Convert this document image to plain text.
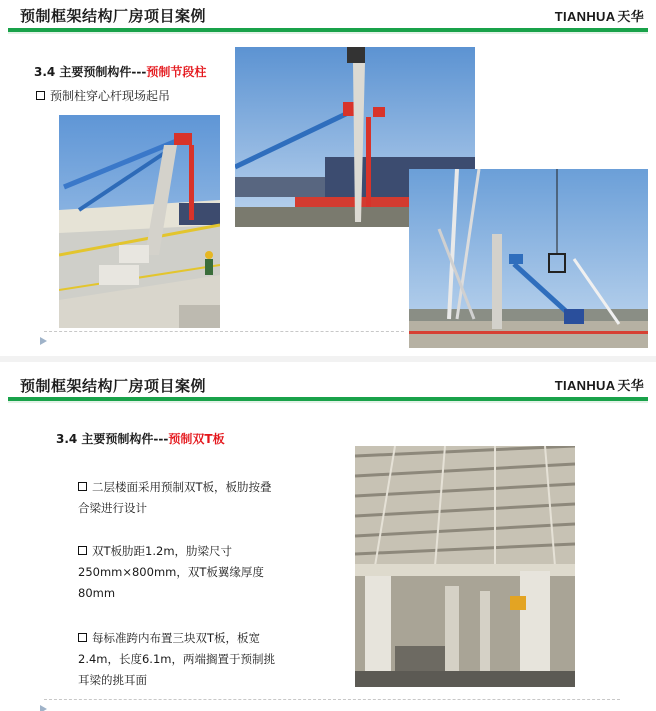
预制框架结构厂房项目案例	TIANHUA 天华
3.4 主要预制构件---预制节段柱
预制柱穿心杆现场起吊
预制框架结构厂房项目案例	TIANHUA 天华
3.4 主要预制构件---预制双T板
二层楼面采用预制双T板，板肋按叠
合梁进行设计
双T板肋距1.2m，肋梁尺寸
250mm×800mm，双T板翼缘厚度
80mm
每标准跨内布置三块双T板，板宽
2.4m，长度6.1m，两端搁置于预制挑
耳梁的挑耳面
